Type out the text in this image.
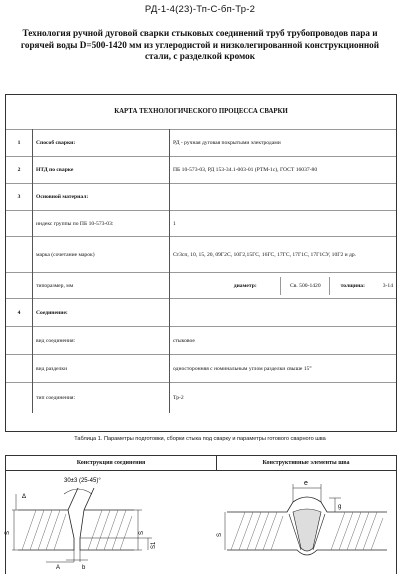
РД-1-4(23)-Тп-С-бп-Тр-2
Технология ручной дуговой сварки стыковых соединений труб трубопроводов пара и горячей воды D=500-1420 мм из углеродистой и низколегированной конструкционной стали, с разделкой кромок
КАРТА ТЕХНОЛОГИЧЕСКОГО ПРОЦЕССА СВАРКИ
1	Способ сварки:	РД - ручная дуговая покрытыми электродами
2	НТД по сварке	ПБ 10-573-03, РД 153-34.1-003-01 (РТМ-1с), ГОСТ 16037-80
3	Основной материал:	
	индекс группы по ПБ 10-573-03:	1
	марка (сочетание марок)	Ст3сп, 10, 15, 20, 09Г2С, 10Г2,15ГС, 16ГС, 17ГС, 17Г1С, 17Г1СУ, 10Г2 и др.
	типоразмер, мм	диаметр: Св. 500-1420 толщина: 3-14

4	Соединение:	
	вид соединения:	стыковое
	вид разделки	односторонняя с номинальным углом разделки свыше 15°
	тип соединения:	Тр-2
Таблица 1. Параметры подготовки, сборки стыка под сварку и параметры готового сварного шва
Конструкция соединения	Конструктивные элементы шва
30±3 (25-45)°
S	S
S1
b
A
Δ
e
g
S
